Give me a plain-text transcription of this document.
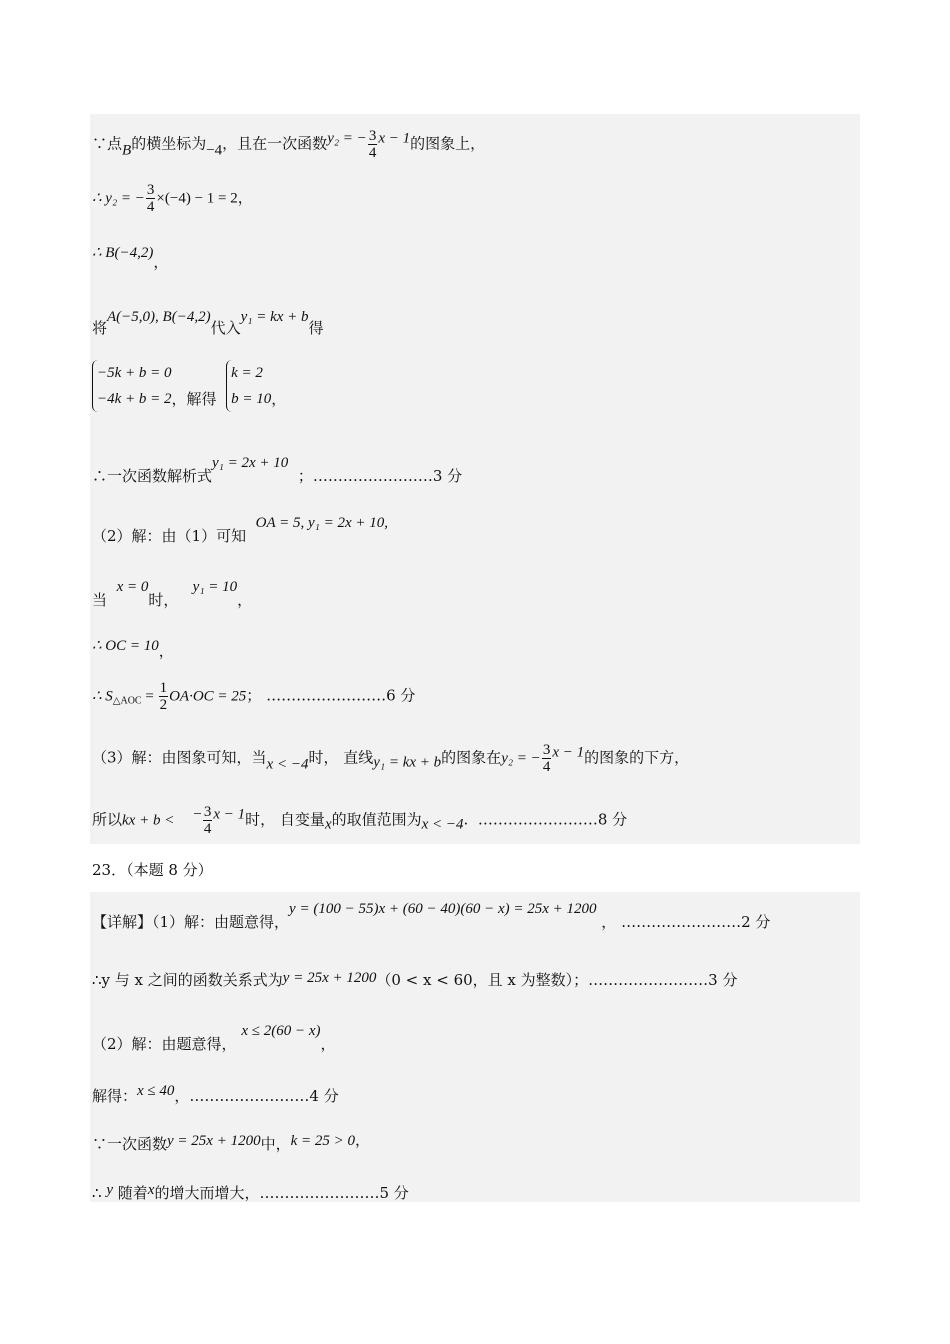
∵点B的横坐标为−4，且在一次函数y₂ = − $\frac{3}{4}$ x − 1的图象上，
∴ y₂ = − $\frac{3}{4} \times(-4) - 1 = 2$，
∴ B(−4,2)，
将A(−5,0), B(−4,2)代入y₁ = kx + b得
−5k + b = 0
−4k + b = 2 ，解得
k = 2
b = 10 ，
∴一次函数解析式y₁ = 2x + 10  ；……………………3 分
（2）解：由（1）可知  OA = 5, y₁ = 2x + 10,
当  x = 0时，   y₁ = 10，
∴ OC = 10，
∴ $S_{\triangle AOC} = \frac{1}{2} OA\cdot OC = 25$； ……………………6 分
（3）解：由图象可知，当x < −4时， 直线y₁ = kx + b的图象在y₂ = − $\frac{3}{4}$ x − 1的图象的下方，
所以kx + b < − $\frac{3}{4}$ x − 1时， 自变量x的取值范围为x < −4. ……………………8 分
23．（本题 8 分）
【详解】（1）解：由题意得，y = (100 − 55)x + (60 − 40)(60 − x) = 25x + 1200 ， ……………………2 分
∴y 与 x 之间的函数关系式为y = 25x + 1200（0 < x < 60，且 x 为整数）；……………………3 分
（2）解：由题意得， x ≤ 2(60 − x)，
解得：x ≤ 40，……………………4 分
∵一次函数y = 25x + 1200中，k = 25 > 0，
∴ y 随着x的增大而增大，……………………5 分
